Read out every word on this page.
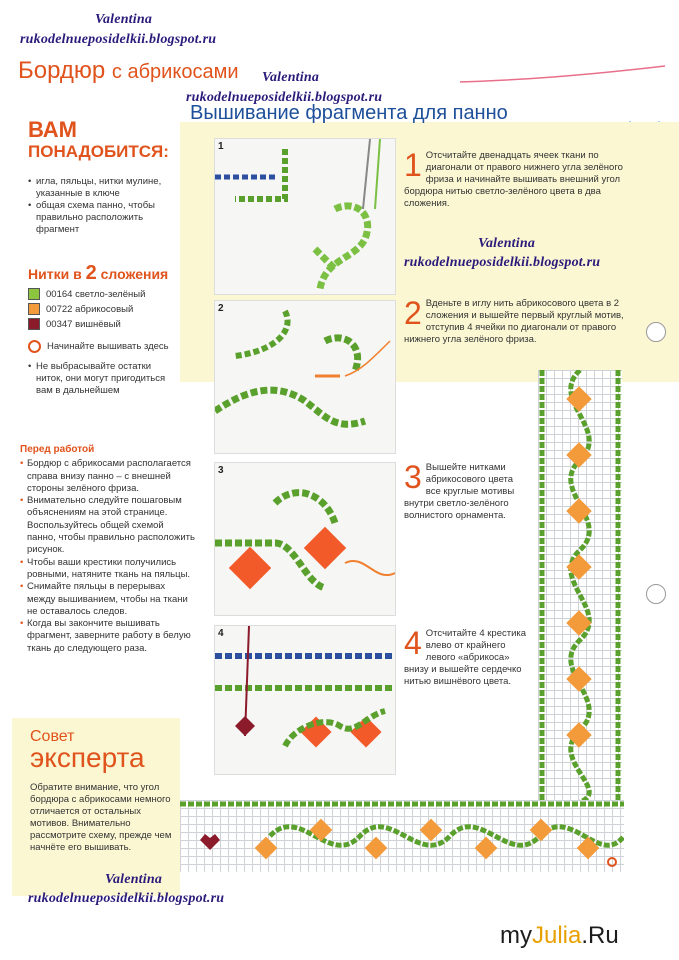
Valentina
rukodelnueposidelkii.blogspot.ru
Бордюр с абрикосами Valentina
rukodelnueposidelkii.blogspot.ru
Вышивание фрагмента для панно
ВАМ
ПОНАДОБИТСЯ:
• игла, пяльцы, нитки мулине, указанные в ключе
• общая схема панно, чтобы правильно расположить фрагмент
Нитки в 2 сложения
00164
светло-зелёный
00722
абрикосовый
00347
вишнёвый
Начинайте вышивать здесь
• Не выбрасывайте остатки ниток, они могут пригодиться вам в дальнейшем
Перед работой

• Бордюр с абрикосами располагается справа внизу панно – с внешней стороны зелёного фриза.

• Внимательно следуйте пошаговым объяснениям на этой странице. Воспользуйтесь общей схемой панно, чтобы правильно расположить рисунок.

• Чтобы ваши крестики получились ровными, натяните ткань на пяльцы.

• Снимайте пяльцы в перерывах между вышиванием, чтобы на ткани не оставалось следов.

• Когда вы закончите вышивать фрагмент, заверните работу в белую ткань до следующего раза.

Совет
эксперта
Обратите внимание, что угол бордюра с абрикосами немного отличается от остальных мотивов. Внимательно рассмотрите схему, прежде чем начнёте его вышивать.
Valentina
rukodelnueposidelkii.blogspot.ru
1
2
3
4
1 Отсчитайте двенадцать ячеек ткани по диагонали от правого нижнего угла зелёного фриза и начинайте вышивать внешний угол бордюра нитью светло-зелёного цвета в два сложения.
Valentina
rukodelnueposidelkii.blogspot.ru
2 Вденьте в иглу нить абрикосового цвета в 2 сложения и вышейте первый круглый мотив, отступив 4 ячейки по диагонали от правого нижнего угла зелёного фриза.
3 Вышейте нитками абрикосового цвета все круглые мотивы внутри светло-зелёного волнистого орнамента.
4 Отсчитайте 4 крестика влево от крайнего левого «абрикоса» внизу и вышейте сердечко нитью вишнёвого цвета.
myJulia.Ru
